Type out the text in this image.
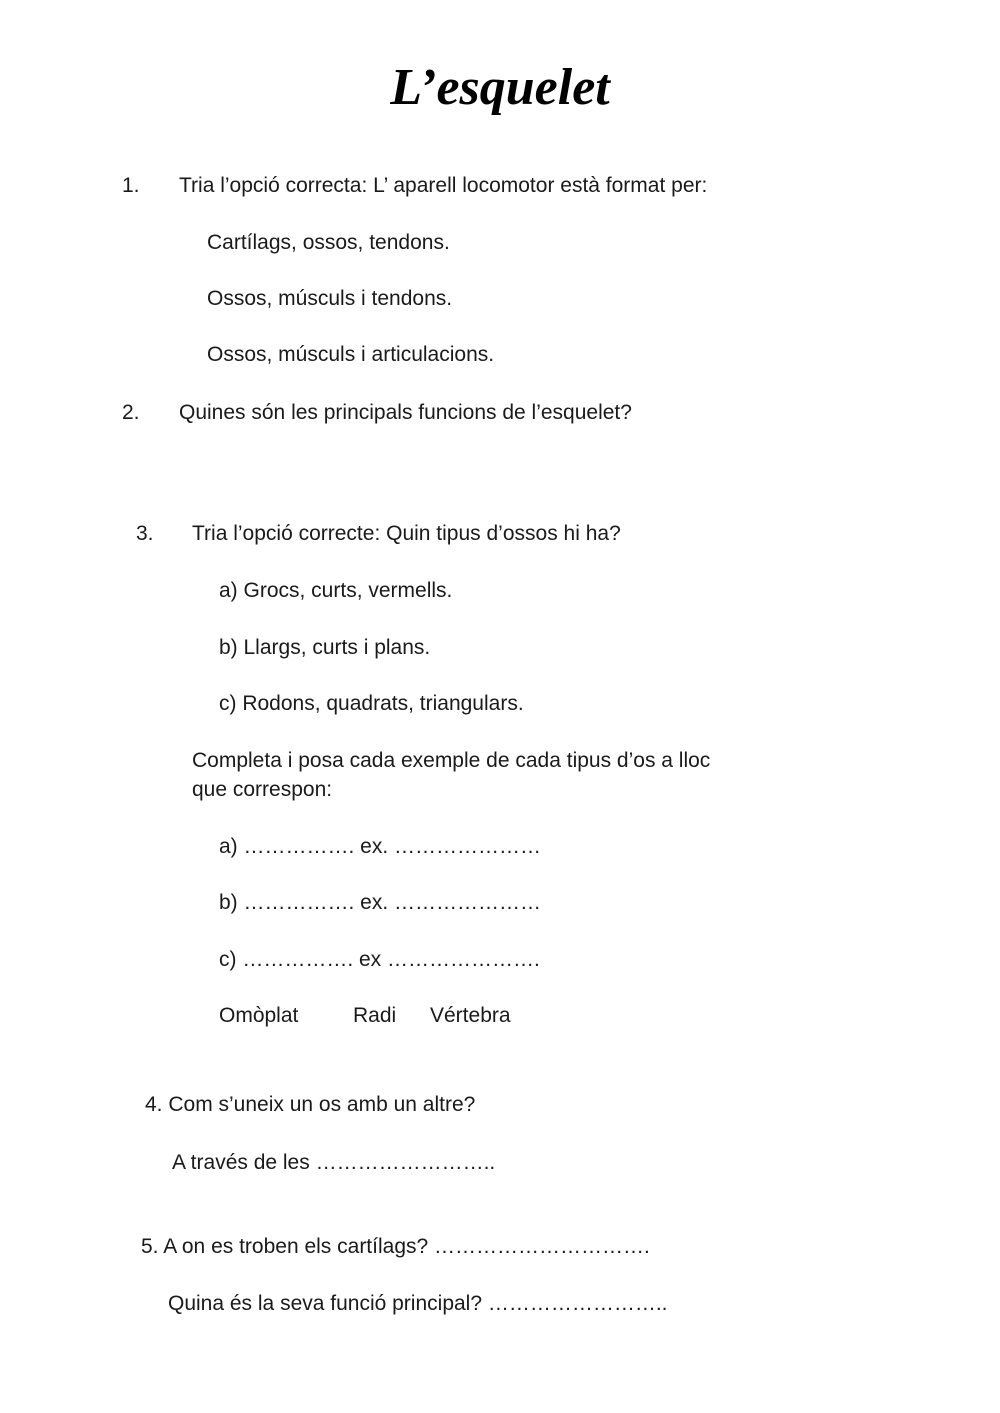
L’esquelet
1. Tria l’opció correcta: L’ aparell locomotor està format per:
Cartílags, ossos, tendons.
Ossos, músculs i tendons.
Ossos, músculs i articulacions.
2. Quines són les principals funcions de l’esquelet?
3. Tria l’opció correcte: Quin tipus d’ossos hi ha?
a) Grocs, curts, vermells.
b) Llargs, curts i plans.
c) Rodons, quadrats, triangulars.
Completa i posa cada exemple de cada tipus d’os a lloc
que correspon:
a) ……………. ex. …………………
b) ……………. ex. …………………
c) ……………. ex ………………….
Omòplat	Radi Vértebra
4. Com s’uneix un os amb un altre?
A través de les ……………………..
5. A on es troben els cartílags? ………………………….
Quina és la seva funció principal? ……………………..
